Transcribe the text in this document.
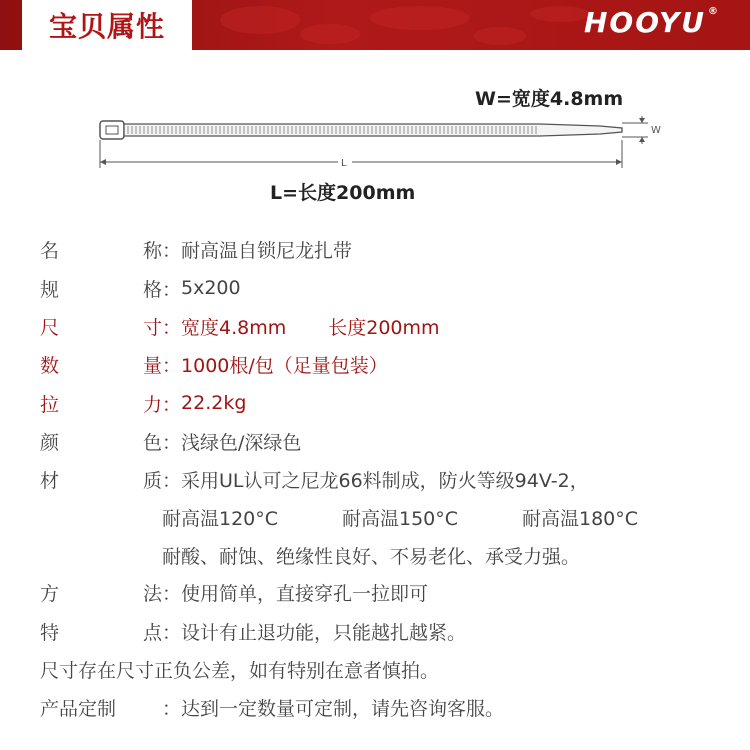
宝贝属性	HOOYU ®
W=宽度4.8mm
W
L
L=长度200mm
名	称 ： 耐高温自锁尼龙扎带
规	格 ： 5x200
尺	寸 ： 宽度4.8mm 长度200mm
数	量 ： 1000根/包（足量包装）
拉	力 ： 22.2kg
颜	色 ： 浅绿色/深绿色
材	质 ： 采用UL认可之尼龙66料制成，防火等级94V-2，
耐高温120°C	耐高温150°C	耐高温180°C
耐酸、耐蚀、绝缘性良好、不易老化、承受力强。
方	法 ： 使用简单，直接穿孔一拉即可
特	点 ： 设计有止退功能，只能越扎越紧。
尺寸存在尺寸正负公差，如有特别在意者慎拍。
产品定制	： 达到一定数量可定制，请先咨询客服。
